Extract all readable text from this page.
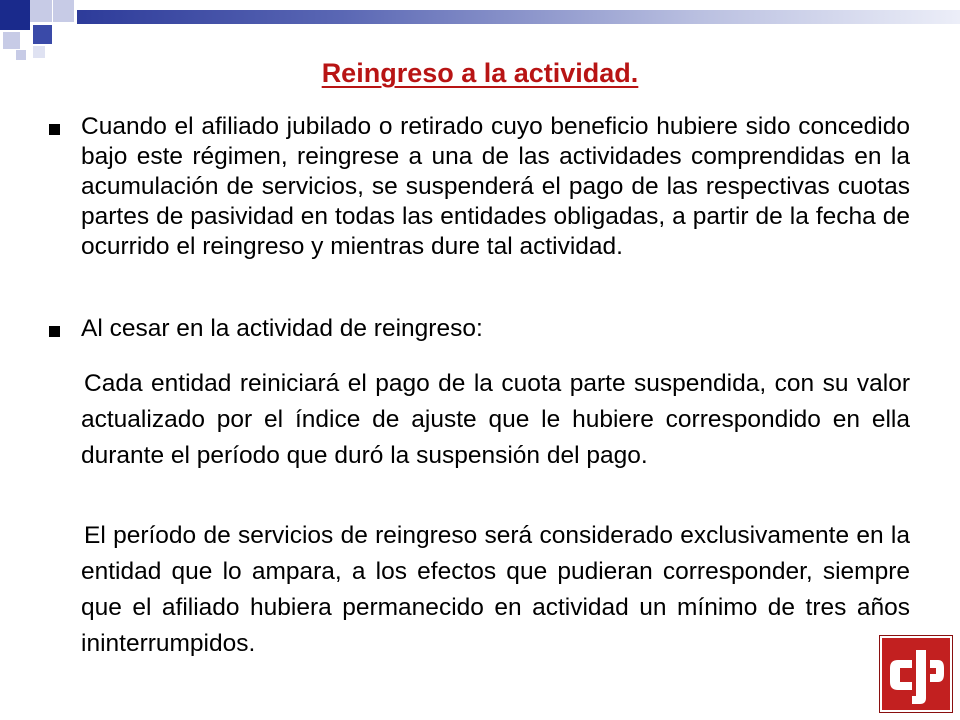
Reingreso a la actividad.

Cuando el afiliado jubilado o retirado cuyo beneficio hubiere sido concedido bajo este régimen, reingrese a una de las actividades comprendidas en la acumulación de servicios, se suspenderá el pago de las respectivas cuotas partes de pasividad en todas las entidades obligadas, a partir de la fecha de ocurrido el reingreso y mientras dure tal actividad.

Al cesar en la actividad de reingreso:

Cada entidad reiniciará el pago de la cuota parte suspendida, con su valor actualizado por el índice de ajuste que le hubiere correspondido en ella durante el período que duró la suspensión del pago.

El período de servicios de reingreso será considerado exclusivamente en la entidad que lo ampara, a los efectos que pudieran corresponder, siempre que el afiliado hubiera permanecido en actividad un mínimo de tres años ininterrumpidos.
